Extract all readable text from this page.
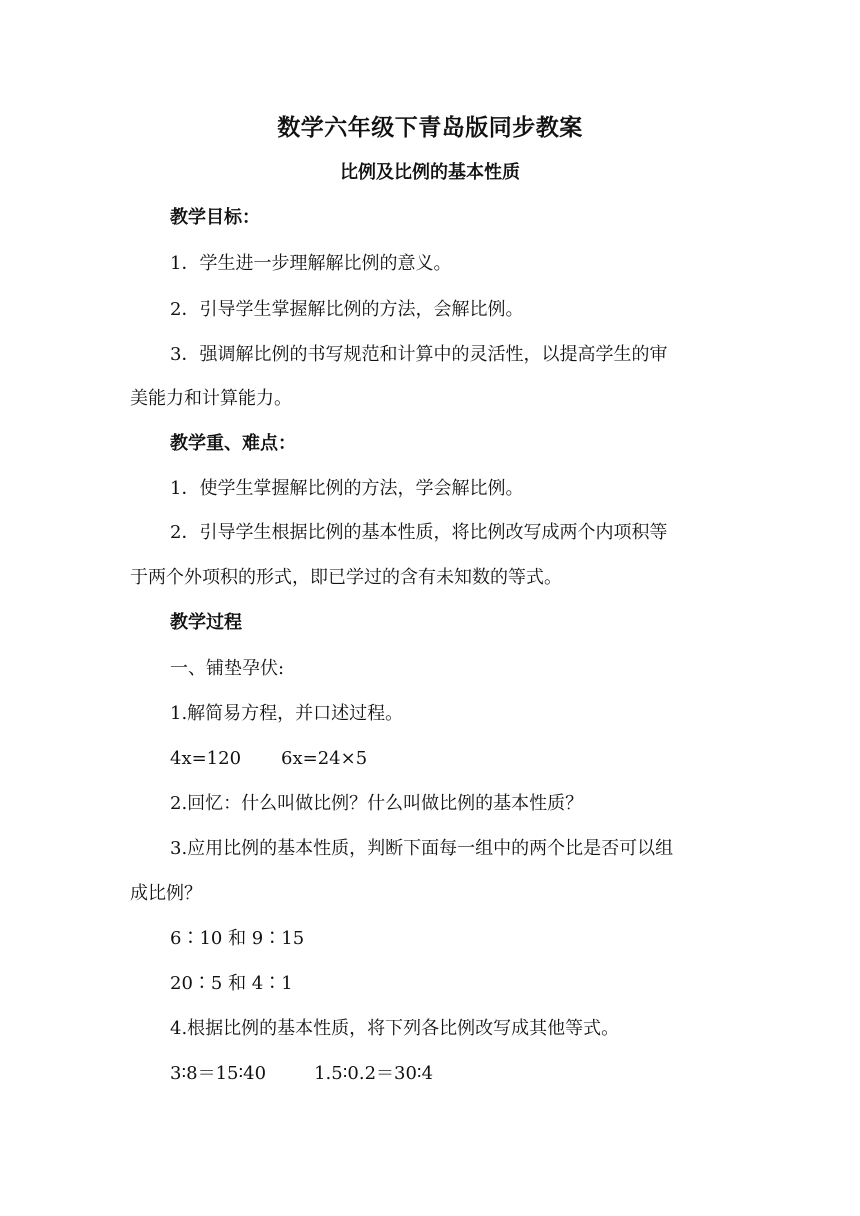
数学六年级下青岛版同步教案
比例及比例的基本性质
教学目标：
1．学生进一步理解解比例的意义。
2．引导学生掌握解比例的方法，会解比例。
3．强调解比例的书写规范和计算中的灵活性，以提高学生的审
美能力和计算能力。
教学重、难点：
1．使学生掌握解比例的方法，学会解比例。
2．引导学生根据比例的基本性质，将比例改写成两个内项积等
于两个外项积的形式，即已学过的含有未知数的等式。
教学过程
一、铺垫孕伏:
1.解简易方程，并口述过程。
4x=120 6x=24×5
2.回忆：什么叫做比例？什么叫做比例的基本性质？
3.应用比例的基本性质，判断下面每一组中的两个比是否可以组
成比例？
6∶10 和 9∶15
20∶5 和 4∶1
4.根据比例的基本性质，将下列各比例改写成其他等式。
3∶8＝15∶40	1.5∶0.2＝30∶4
